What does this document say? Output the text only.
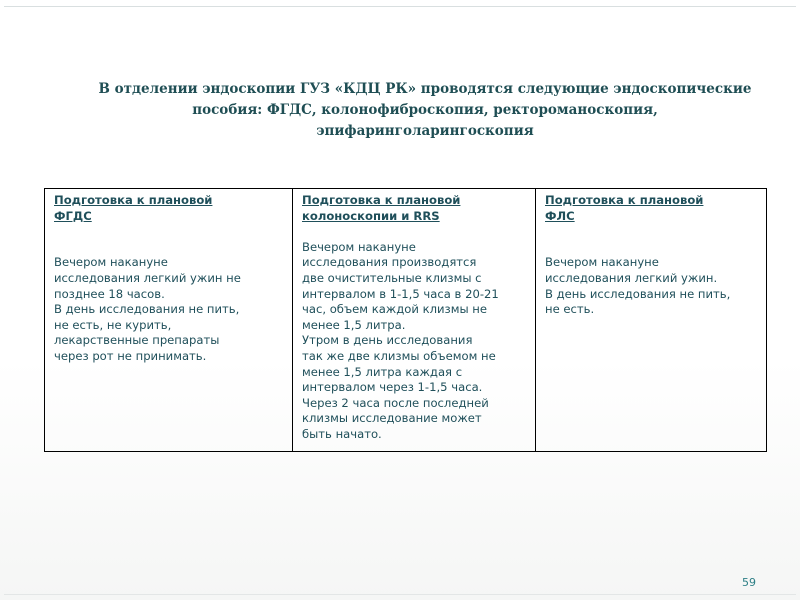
В отделении эндоскопии ГУЗ «КДЦ РК» проводятся следующие эндоскопические
пособия: ФГДС, колонофиброскопия, ректороманоскопия,
эпифаринголарингоскопия
Подготовка к плановой
ФГДС
Вечером накануне
исследования легкий ужин не
позднее 18 часов.
В день исследования не пить,
не есть, не курить,
лекарственные препараты
через рот не принимать.

Подготовка к плановой
колоноскопии и RRS
Вечером накануне
исследования производятся
две очистительные клизмы с
интервалом в 1-1,5 часа в 20-21
час, объем каждой клизмы не
менее 1,5 литра.
Утром в день исследования
так же две клизмы объемом не
менее 1,5 литра каждая с
интервалом через 1-1,5 часа.
Через 2 часа после последней
клизмы исследование может
быть начато.

Подготовка к плановой
ФЛС
Вечером накануне
исследования легкий ужин.
В день исследования не пить,
не есть.
59
